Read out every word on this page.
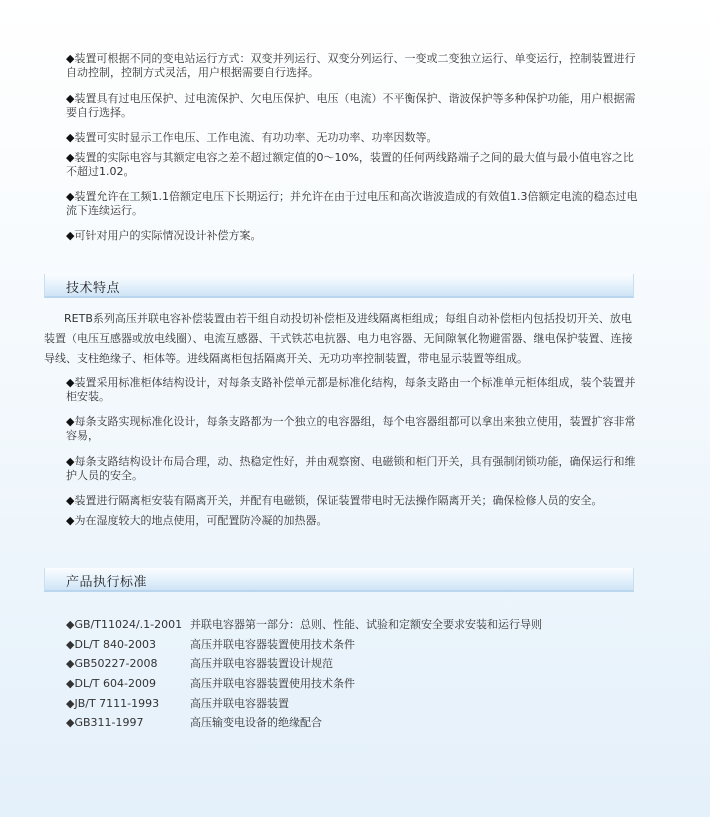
◆装置可根据不同的变电站运行方式：双变并列运行、双变分列运行、一变或二变独立运行、单变运行，控制装置进行自动控制，控制方式灵活，用户根据需要自行选择。

◆装置具有过电压保护、过电流保护、欠电压保护、电压（电流）不平衡保护、谐波保护等多种保护功能，用户根据需要自行选择。

◆装置可实时显示工作电压、工作电流、有功功率、无功功率、功率因数等。

◆装置的实际电容与其额定电容之差不超过额定值的0～10%，装置的任何两线路端子之间的最大值与最小值电容之比不超过1.02。

◆装置允许在工频1.1倍额定电压下长期运行；并允许在由于过电压和高次谐波造成的有效值1.3倍额定电流的稳态过电流下连续运行。

◆可针对用户的实际情况设计补偿方案。

技术特点

RETB系列高压并联电容补偿装置由若干组自动投切补偿柜及进线隔离柜组成；每组自动补偿柜内包括投切开关、放电装置（电压互感器或放电线圈）、电流互感器、干式铁芯电抗器、电力电容器、无间隙氧化物避雷器、继电保护装置、连接导线、支柱绝缘子、柜体等。进线隔离柜包括隔离开关、无功功率控制装置，带电显示装置等组成。

◆装置采用标准柜体结构设计，对每条支路补偿单元都是标准化结构，每条支路由一个标准单元柜体组成，装个装置并柜安装。

◆每条支路实现标准化设计，每条支路都为一个独立的电容器组，每个电容器组都可以拿出来独立使用，装置扩容非常容易，

◆每条支路结构设计布局合理，动、热稳定性好，并由观察窗、电磁锁和柜门开关，具有强制闭锁功能，确保运行和维护人员的安全。

◆装置进行隔离柜安装有隔离开关，并配有电磁锁，保证装置带电时无法操作隔离开关；确保检修人员的安全。

◆为在湿度较大的地点使用，可配置防冷凝的加热器。

产品执行标准
◆GB/T11024/.1-2001 并联电容器第一部分：总则、性能、试验和定额安全要求安装和运行导则
◆DL/T 840-2003	高压并联电容器装置使用技术条件
◆GB50227-2008	高压并联电容器装置设计规范
◆DL/T 604-2009	高压并联电容器装置使用技术条件
◆JB/T 7111-1993	高压并联电容器装置
◆GB311-1997	高压输变电设备的绝缘配合
